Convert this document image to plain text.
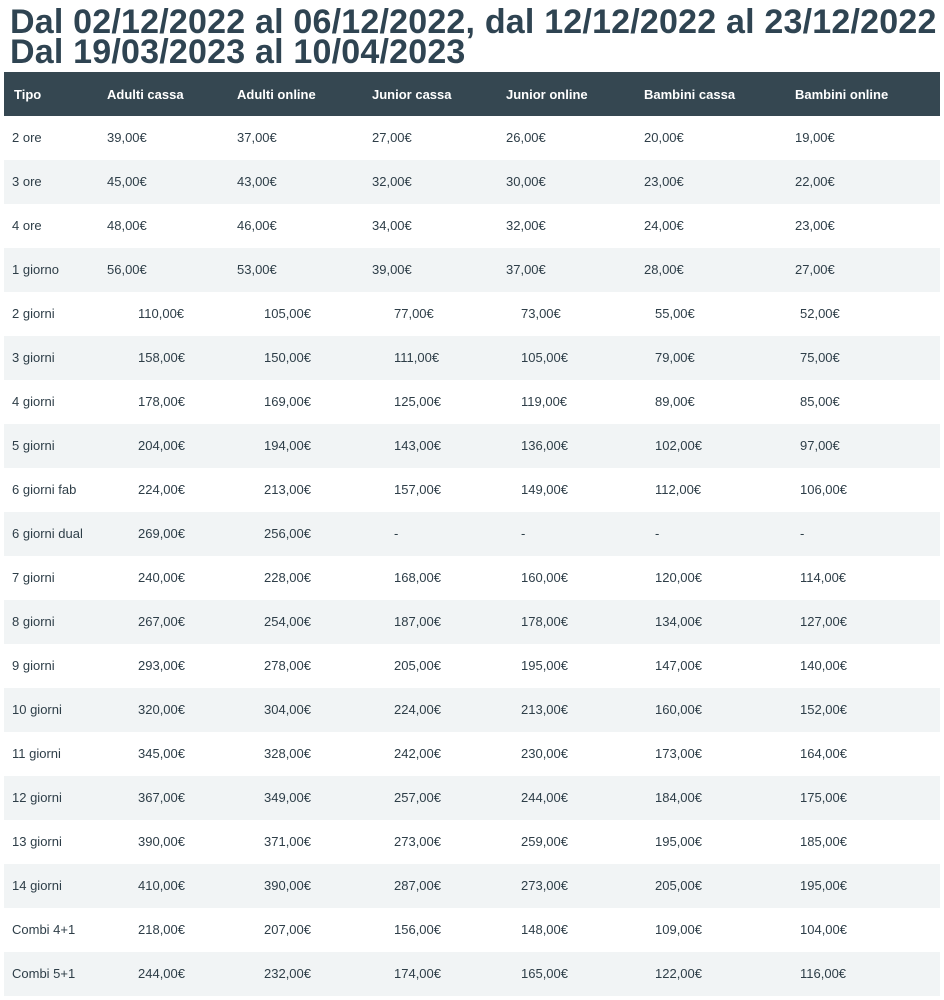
Dal 02/12/2022 al 06/12/2022, dal 12/12/2022 al 23/12/2022
Dal 19/03/2023 al 10/04/2023
Tipo	Adulti cassa	Adulti online	Junior cassa	Junior online	Bambini cassa	Bambini online
2 ore	39,00€	37,00€	27,00€	26,00€	20,00€	19,00€
3 ore	45,00€	43,00€	32,00€	30,00€	23,00€	22,00€
4 ore	48,00€	46,00€	34,00€	32,00€	24,00€	23,00€
1 giorno	56,00€	53,00€	39,00€	37,00€	28,00€	27,00€
2 giorni	110,00€	105,00€	77,00€	73,00€	55,00€	52,00€
3 giorni	158,00€	150,00€	111,00€	105,00€	79,00€	75,00€
4 giorni	178,00€	169,00€	125,00€	119,00€	89,00€	85,00€
5 giorni	204,00€	194,00€	143,00€	136,00€	102,00€	97,00€
6 giorni fab	224,00€	213,00€	157,00€	149,00€	112,00€	106,00€
6 giorni dual	269,00€	256,00€	-	-	-	-
7 giorni	240,00€	228,00€	168,00€	160,00€	120,00€	114,00€
8 giorni	267,00€	254,00€	187,00€	178,00€	134,00€	127,00€
9 giorni	293,00€	278,00€	205,00€	195,00€	147,00€	140,00€
10 giorni	320,00€	304,00€	224,00€	213,00€	160,00€	152,00€
11 giorni	345,00€	328,00€	242,00€	230,00€	173,00€	164,00€
12 giorni	367,00€	349,00€	257,00€	244,00€	184,00€	175,00€
13 giorni	390,00€	371,00€	273,00€	259,00€	195,00€	185,00€
14 giorni	410,00€	390,00€	287,00€	273,00€	205,00€	195,00€
Combi 4+1	218,00€	207,00€	156,00€	148,00€	109,00€	104,00€
Combi 5+1	244,00€	232,00€	174,00€	165,00€	122,00€	116,00€
